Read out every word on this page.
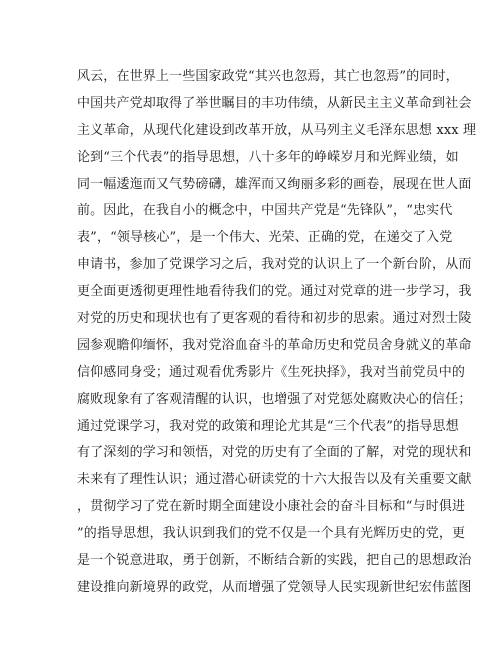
风云，在世界上一些国家政党“其兴也忽焉，其亡也忽焉”的同时，
中国共产党却取得了举世瞩目的丰功伟绩，从新民主主义革命到社会
主义革命，从现代化建设到改革开放，从马列主义毛泽东思想 xxx 理
论到“三个代表”的指导思想，八十多年的峥嵘岁月和光辉业绩，如
同一幅逶迤而又气势磅礴，雄浑而又绚丽多彩的画卷，展现在世人面
前。因此，在我自小的概念中，中国共产党是“先锋队”，“忠实代
表”，“领导核心”，是一个伟大、光荣、正确的党，在递交了入党
申请书，参加了党课学习之后，我对党的认识上了一个新台阶，从而
更全面更透彻更理性地看待我们的党。通过对党章的进一步学习，我
对党的历史和现状也有了更客观的看待和初步的思索。通过对烈士陵
园参观瞻仰缅怀，我对党浴血奋斗的革命历史和党员舍身就义的革命
信仰感同身受；通过观看优秀影片《生死抉择》，我对当前党员中的
腐败现象有了客观清醒的认识，也增强了对党惩处腐败决心的信任；
通过党课学习，我对党的政策和理论尤其是“三个代表”的指导思想
有了深刻的学习和领悟，对党的历史有了全面的了解，对党的现状和
未来有了理性认识；通过潜心研读党的十六大报告以及有关重要文献
，贯彻学习了党在新时期全面建设小康社会的奋斗目标和“与时俱进
”的指导思想，我认识到我们的党不仅是一个具有光辉历史的党，更
是一个锐意进取，勇于创新，不断结合新的实践，把自己的思想政治
建设推向新境界的政党，从而增强了党领导人民实现新世纪宏伟蓝图
